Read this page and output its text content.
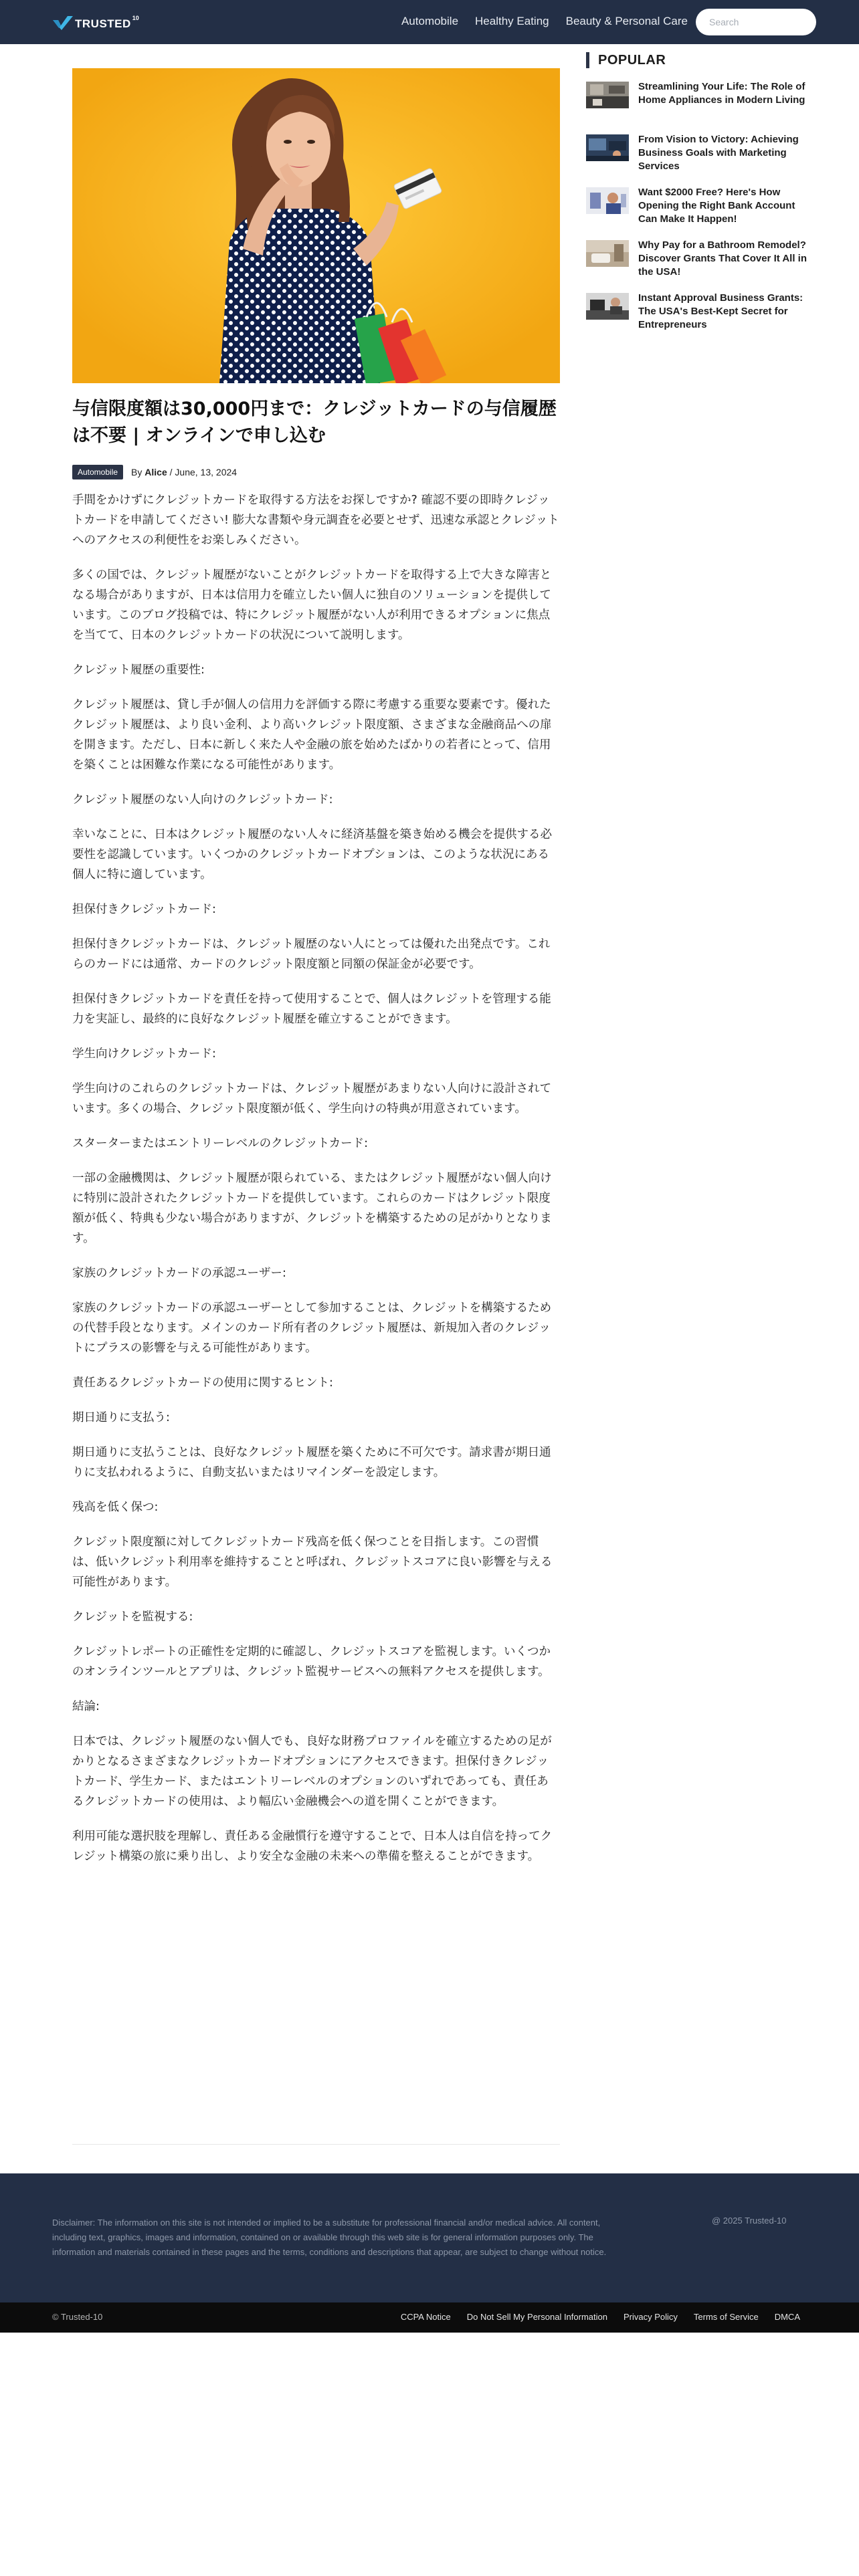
TRUSTED 10	Automobile Healthy Eating Beauty & Personal Care
Search
与信限度額は30,000円まで：クレジットカードの与信履歴は不要 | オンラインで申し込む
Automobile	By Alice / June, 13, 2024

手間をかけずにクレジットカードを取得する方法をお探しですか? 確認不要の即時クレジットカードを申請してください! 膨大な書類や身元調査を必要とせず、迅速な承認とクレジットへのアクセスの利便性をお楽しみください。

多くの国では、クレジット履歴がないことがクレジットカードを取得する上で大きな障害となる場合がありますが、日本は信用力を確立したい個人に独自のソリューションを提供しています。このブログ投稿では、特にクレジット履歴がない人が利用できるオプションに焦点を当てて、日本のクレジットカードの状況について説明します。

クレジット履歴の重要性:

クレジット履歴は、貸し手が個人の信用力を評価する際に考慮する重要な要素です。優れたクレジット履歴は、より良い金利、より高いクレジット限度額、さまざまな金融商品への扉を開きます。ただし、日本に新しく来た人や金融の旅を始めたばかりの若者にとって、信用を築くことは困難な作業になる可能性があります。

クレジット履歴のない人向けのクレジットカード:

幸いなことに、日本はクレジット履歴のない人々に経済基盤を築き始める機会を提供する必要性を認識しています。いくつかのクレジットカードオプションは、このような状況にある個人に特に適しています。

担保付きクレジットカード:

担保付きクレジットカードは、クレジット履歴のない人にとっては優れた出発点です。これらのカードには通常、カードのクレジット限度額と同額の保証金が必要です。

担保付きクレジットカードを責任を持って使用することで、個人はクレジットを管理する能力を実証し、最終的に良好なクレジット履歴を確立することができます。

学生向けクレジットカード:

学生向けのこれらのクレジットカードは、クレジット履歴があまりない人向けに設計されています。多くの場合、クレジット限度額が低く、学生向けの特典が用意されています。

スターターまたはエントリーレベルのクレジットカード:

一部の金融機関は、クレジット履歴が限られている、またはクレジット履歴がない個人向けに特別に設計されたクレジットカードを提供しています。これらのカードはクレジット限度額が低く、特典も少ない場合がありますが、クレジットを構築するための足がかりとなります。

家族のクレジットカードの承認ユーザー:

家族のクレジットカードの承認ユーザーとして参加することは、クレジットを構築するための代替手段となります。メインのカード所有者のクレジット履歴は、新規加入者のクレジットにプラスの影響を与える可能性があります。

責任あるクレジットカードの使用に関するヒント:

期日通りに支払う:

期日通りに支払うことは、良好なクレジット履歴を築くために不可欠です。請求書が期日通りに支払われるように、自動支払いまたはリマインダーを設定します。

残高を低く保つ:

クレジット限度額に対してクレジットカード残高を低く保つことを目指します。この習慣は、低いクレジット利用率を維持することと呼ばれ、クレジットスコアに良い影響を与える可能性があります。

クレジットを監視する:

クレジットレポートの正確性を定期的に確認し、クレジットスコアを監視します。いくつかのオンラインツールとアプリは、クレジット監視サービスへの無料アクセスを提供します。

結論:

日本では、クレジット履歴のない個人でも、良好な財務プロファイルを確立するための足がかりとなるさまざまなクレジットカードオプションにアクセスできます。担保付きクレジットカード、学生カード、またはエントリーレベルのオプションのいずれであっても、責任あるクレジットカードの使用は、より幅広い金融機会への道を開くことができます。

利用可能な選択肢を理解し、責任ある金融慣行を遵守することで、日本人は自信を持ってクレジット構築の旅に乗り出し、より安全な金融の未来への準備を整えることができます。

POPULAR
Streamlining Your Life: The Role of Home Appliances in Modern Living
From Vision to Victory: Achieving Business Goals with Marketing Services
Want $2000 Free? Here's How Opening the Right Bank Account Can Make It Happen!
Why Pay for a Bathroom Remodel? Discover Grants That Cover It All in the USA!
Instant Approval Business Grants: The USA's Best-Kept Secret for Entrepreneurs
Disclaimer: The information on this site is not intended or implied to be a substitute for professional financial and/or medical advice. All content, including text, graphics, images and information, contained on or available through this web site is for general information purposes only. The information and materials contained in these pages and the terms, conditions and descriptions that appear, are subject to change without notice.
@ 2025 Trusted-10
© Trusted-10	CCPA Notice Do Not Sell My Personal Information Privacy Policy Terms of Service DMCA
